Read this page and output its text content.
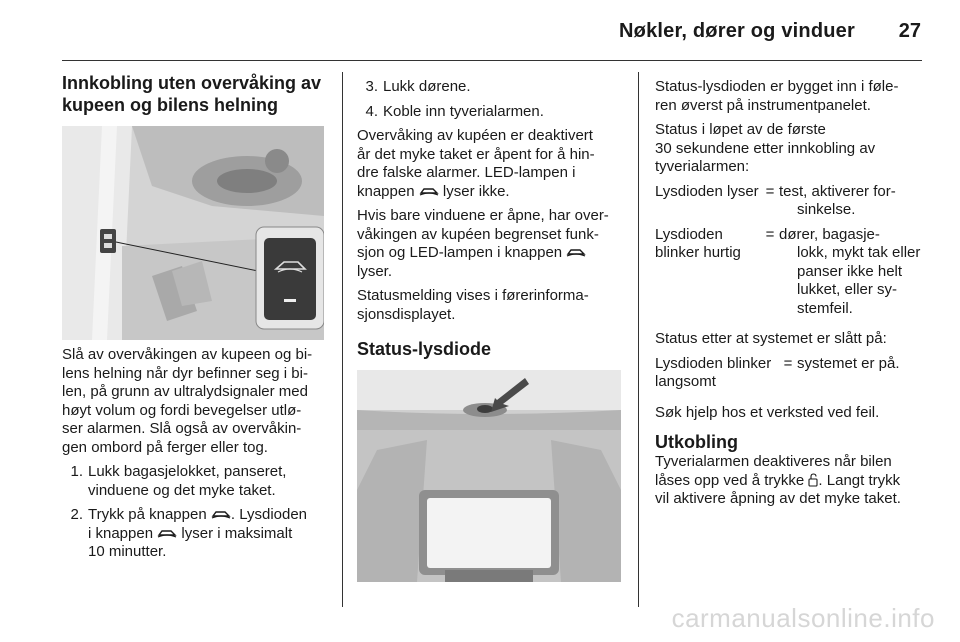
Nøkler, dører og vinduer 27
Innkobling uten overvåking av
kupeen og bilens helning

Slå av overvåkingen av kupeen og bi-
lens helning når dyr befinner seg i bi-
len, på grunn av ultralydsignaler med
høyt volum og fordi bevegelser utlø-
ser alarmen. Slå også av overvåkin-
gen ombord på ferger eller tog.

1. Lukk bagasjelokket, panseret,
vinduene og det myke taket.
2. Trykk på knappen . Lysdioden
i knappen lyser i maksimalt
10 minutter.
3. Lukk dørene.
4. Koble inn tyverialarmen.

Overvåking av kupéen er deaktivert
år det myke taket er åpent for å hin-
dre falske alarmer. LED-lampen i
knappen lyser ikke.

Hvis bare vinduene er åpne, har over-
våkingen av kupéen begrenset funk-
sjon og LED-lampen i knappen
lyser.

Statusmelding vises i førerinforma-
sjonsdisplayet.

Status-lysdiode

Status-lysdioden er bygget inn i føle-
ren øverst på instrumentpanelet.

Status i løpet av de første
30 sekundene etter innkobling av
tyverialarmen:

Lysdioden lyser = test, aktiverer for-
sinkelse.
Lysdioden
blinker hurtig
= dører, bagasje-
lokk, mykt tak eller
panser ikke helt
lukket, eller sy-
stemfeil.

Status etter at systemet er slått på:

Lysdioden blinker
langsomt
= systemet er på.

Søk hjelp hos et verksted ved feil.

Utkobling

Tyverialarmen deaktiveres når bilen
låses opp ved å trykke . Langt trykk
vil aktivere åpning av det myke taket.

carmanualsonline.info
